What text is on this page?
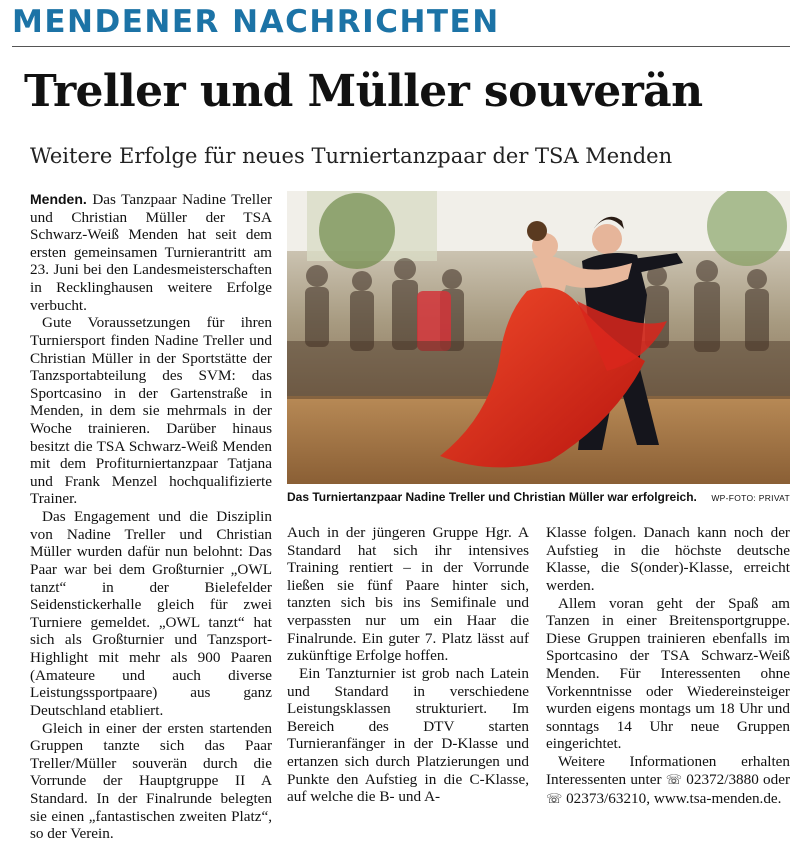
MENDENER NACHRICHTEN
Treller und Müller souverän
Weitere Erfolge für neues Turniertanzpaar der TSA Menden

Menden. Das Tanzpaar Nadine Treller und Christian Müller der TSA Schwarz-Weiß Menden hat seit dem ersten gemeinsamen Turnierantritt am 23. Juni bei den Landesmeisterschaften in Recklinghausen weitere Erfolge verbucht.

Gute Voraussetzungen für ihren Turniersport finden Nadine Treller und Christian Müller in der Sportstätte der Tanzsportabteilung des SVM: das Sportcasino in der Gartenstraße in Menden, in dem sie mehrmals in der Woche trainieren. Darüber hinaus besitzt die TSA Schwarz-Weiß Menden mit dem Profiturniertanzpaar Tatjana und Frank Menzel hochqualifizierte Trainer.

Das Engagement und die Disziplin von Nadine Treller und Christian Müller wurden dafür nun belohnt: Das Paar war bei dem Großturnier „OWL tanzt“ in der Bielefelder Seidenstickerhalle gleich für zwei Turniere gemeldet. „OWL tanzt“ hat sich als Großturnier und Tanzsport-Highlight mit mehr als 900 Paaren (Amateure und auch diverse Leistungssportpaare) aus ganz Deutschland etabliert.

Gleich in einer der ersten startenden Gruppen tanzte sich das Paar Treller/Müller souverän durch die Vorrunde der Hauptgruppe II A Standard. In der Finalrunde belegten sie einen „fantastischen zweiten Platz“, so der Verein.

Das Turniertanzpaar Nadine Treller und Christian Müller war erfolgreich. WP-FOTO: PRIVAT

Auch in der jüngeren Gruppe Hgr. A Standard hat sich ihr intensives Training rentiert – in der Vorrunde ließen sie fünf Paare hinter sich, tanzten sich bis ins Semifinale und verpassten nur um ein Haar die Finalrunde. Ein guter 7. Platz lässt auf zukünftige Erfolge hoffen.

Ein Tanzturnier ist grob nach Latein und Standard in verschiedene Leistungsklassen strukturiert. Im Bereich des DTV starten Turnieranfänger in der D-Klasse und ertanzen sich durch Platzierungen und Punkte den Aufstieg in die C-Klasse, auf welche die B- und A-

Klasse folgen. Danach kann noch der Aufstieg in die höchste deutsche Klasse, die S(onder)-Klasse, erreicht werden.

Allem voran geht der Spaß am Tanzen in einer Breitensportgruppe. Diese Gruppen trainieren ebenfalls im Sportcasino der TSA Schwarz-Weiß Menden. Für Interessenten ohne Vorkenntnisse oder Wiedereinsteiger wurden eigens montags um 18 Uhr und sonntags 14 Uhr neue Gruppen eingerichtet.

Weitere Informationen erhalten Interessenten unter ☏ 02372/3880 oder ☏ 02373/63210, www.tsa-menden.de.
